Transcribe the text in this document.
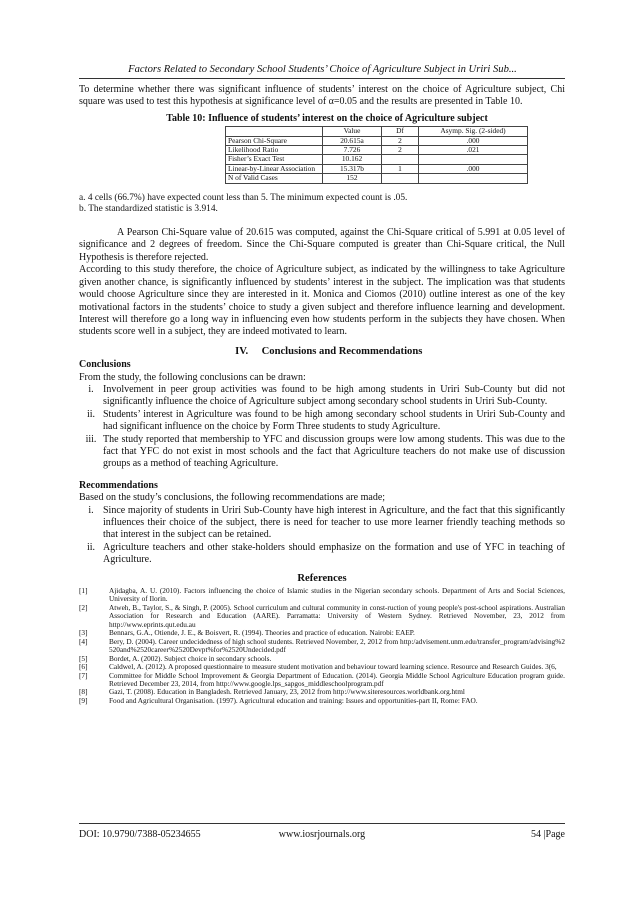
Factors Related to Secondary School Students’ Choice of Agriculture Subject in Uriri Sub...

To determine whether there was significant influence of students’ interest on the choice of Agriculture subject, Chi square was used to test this hypothesis at significance level of α=0.05 and the results are presented in Table 10.

Table 10: Influence of students’ interest on the choice of Agriculture subject
	Value	Df	Asymp. Sig. (2-sided)
Pearson Chi-Square	20.615a	2	.000
Likelihood Ratio	7.726	2	.021
Fisher’s Exact Test	10.162		
Linear-by-Linear Association	15.317b	1	.000
N of Valid Cases	152		
a. 4 cells (66.7%) have expected count less than 5. The minimum expected count is .05.
b. The standardized statistic is 3.914.

A Pearson Chi-Square value of 20.615 was computed, against the Chi-Square critical of 5.991 at 0.05 level of significance and 2 degrees of freedom. Since the Chi-Square computed is greater than Chi-Square critical, the Null Hypothesis is therefore rejected.

According to this study therefore, the choice of Agriculture subject, as indicated by the willingness to take Agriculture given another chance, is significantly influenced by students’ interest in the subject. The implication was that students would choose Agriculture since they are interested in it. Monica and Ciomos (2010) outline interest as one of the key motivational factors in the students’ choice to study a given subject and therefore influence learning and development. Interest will therefore go a long way in influencing even how students perform in the subjects they have chosen. When students score well in a subject, they are indeed motivated to learn.

IV. Conclusions and Recommendations
Conclusions
From the study, the following conclusions can be drawn:
i. Involvement in peer group activities was found to be high among students in Uriri Sub-County but did not significantly influence the choice of Agriculture subject among secondary school students in Uriri Sub-County.
ii. Students’ interest in Agriculture was found to be high among secondary school students in Uriri Sub-County and had significant influence on the choice by Form Three students to study Agriculture.
iii. The study reported that membership to YFC and discussion groups were low among students. This was due to the fact that YFC do not exist in most schools and the fact that Agriculture teachers do not make use of discussion groups as a method of teaching Agriculture.
Recommendations
Based on the study’s conclusions, the following recommendations are made;
i. Since majority of students in Uriri Sub-County have high interest in Agriculture, and the fact that this significantly influences their choice of the subject, there is need for teacher to use more learner friendly teaching methods so that interest in the subject can be retained.
ii. Agriculture teachers and other stake-holders should emphasize on the formation and use of YFC in teaching of Agriculture.
References
[1]	Ajidagba, A. U. (2010). Factors influencing the choice of Islamic studies in the Nigerian secondary schools. Department of Arts and Social Sciences, University of Ilorin.
[2]	Atweh, B., Taylor, S., & Singh, P. (2005). School curriculum and cultural community in const-ruction of young people's post-school aspirations. Australian Association for Research and Education (AARE). Parramatta: University of Western Sydney. Retrieved November, 23, 2012 from http://www.eprints.qut.edu.au
[3]	Bennars, G.A., Otiende, J. E., & Boisvert, R. (1994). Theories and practice of education. Nairobi: EAEP.
[4]	Bery, D. (2004). Career undecidedness of high school students. Retrieved November, 2, 2012 from http:/advisement.unm.edu/transfer_program/advising%2520and%2520career%2520Devpt%for%2520Undecided.pdf
[5]	Bordet, A. (2002). Subject choice in secondary schools.
[6]	Caldwel, A. (2012). A proposed questionnaire to measure student motivation and behaviour toward learning science. Resource and Research Guides. 3(6,
[7]	Committee for Middle School Improvement & Georgia Department of Education. (2014). Georgia Middle School Agriculture Education program guide. Retrieved December 23, 2014, from http://www.google.lps_sapgos_middleschoolprogram.pdf
[8]	Gazi, T. (2008). Education in Bangladesh. Retrieved January, 23, 2012 from http://www.siteresources.worldbank.org.html
[9]	Food and Agricultural Organisation. (1997). Agricultural education and training: Issues and opportunities-part II, Rome: FAO.
DOI: 10.9790/7388-05234655	www.iosrjournals.org	54 |Page
